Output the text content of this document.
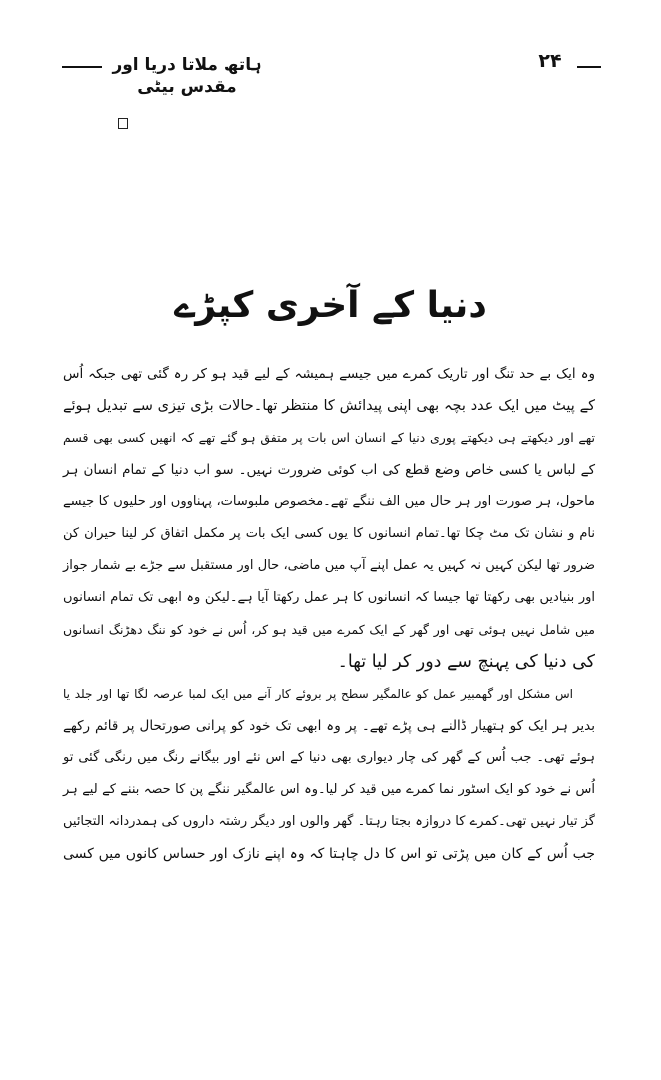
۲۴
ہاتھ ملاتا دریا اور مقدس بیٹی
دنیا کے آخری کپڑے
وہ ایک بے حد تنگ اور تاریک کمرے میں جیسے ہمیشہ کے لیے قید ہو کر رہ گئی تھی جبکہ اُس
کے پیٹ میں ایک عدد بچہ بھی اپنی پیدائش کا منتظر تھا۔حالات بڑی تیزی سے تبدیل ہوئے
تھے اور دیکھتے ہی دیکھتے پوری دنیا کے انسان اس بات پر متفق ہو گئے تھے کہ انھیں کسی بھی قسم
کے لباس یا کسی خاص وضع قطع کی اب کوئی ضرورت نہیں۔ سو اب دنیا کے تمام انسان ہر
ماحول، ہر صورت اور ہر حال میں الف ننگے تھے۔مخصوص ملبوسات، پہناووں اور حلیوں کا جیسے
نام و نشان تک مٹ چکا تھا۔تمام انسانوں کا یوں کسی ایک بات پر مکمل اتفاق کر لینا حیران کن
ضرور تھا لیکن کہیں نہ کہیں یہ عمل اپنے آپ میں ماضی، حال اور مستقبل سے جڑے بے شمار جواز
اور بنیادیں بھی رکھتا تھا جیسا کہ انسانوں کا ہر عمل رکھتا آیا ہے۔لیکن وہ ابھی تک تمام انسانوں
میں شامل نہیں ہوئی تھی اور گھر کے ایک کمرے میں قید ہو کر، اُس نے خود کو ننگ دھڑنگ انسانوں
کی دنیا کی پہنچ سے دور کر لیا تھا۔
اس مشکل اور گھمبیر عمل کو عالمگیر سطح پر بروئے کار آنے میں ایک لمبا عرصہ لگا تھا اور جلد یا
بدیر ہر ایک کو ہتھیار ڈالنے ہی پڑے تھے۔ پر وہ ابھی تک خود کو پرانی صورتحال پر قائم رکھے
ہوئے تھی۔ جب اُس کے گھر کی چار دیواری بھی دنیا کے اس نئے اور بیگانے رنگ میں رنگی گئی تو
اُس نے خود کو ایک اسٹور نما کمرے میں قید کر لیا۔وہ اس عالمگیر ننگے پن کا حصہ بننے کے لیے ہر
گز تیار نہیں تھی۔کمرے کا دروازہ بجتا رہتا۔ گھر والوں اور دیگر رشتہ داروں کی ہمدردانہ التجائیں
جب اُس کے کان میں پڑتی تو اس کا دل چاہتا کہ وہ اپنے نازک اور حساس کانوں میں کسی
